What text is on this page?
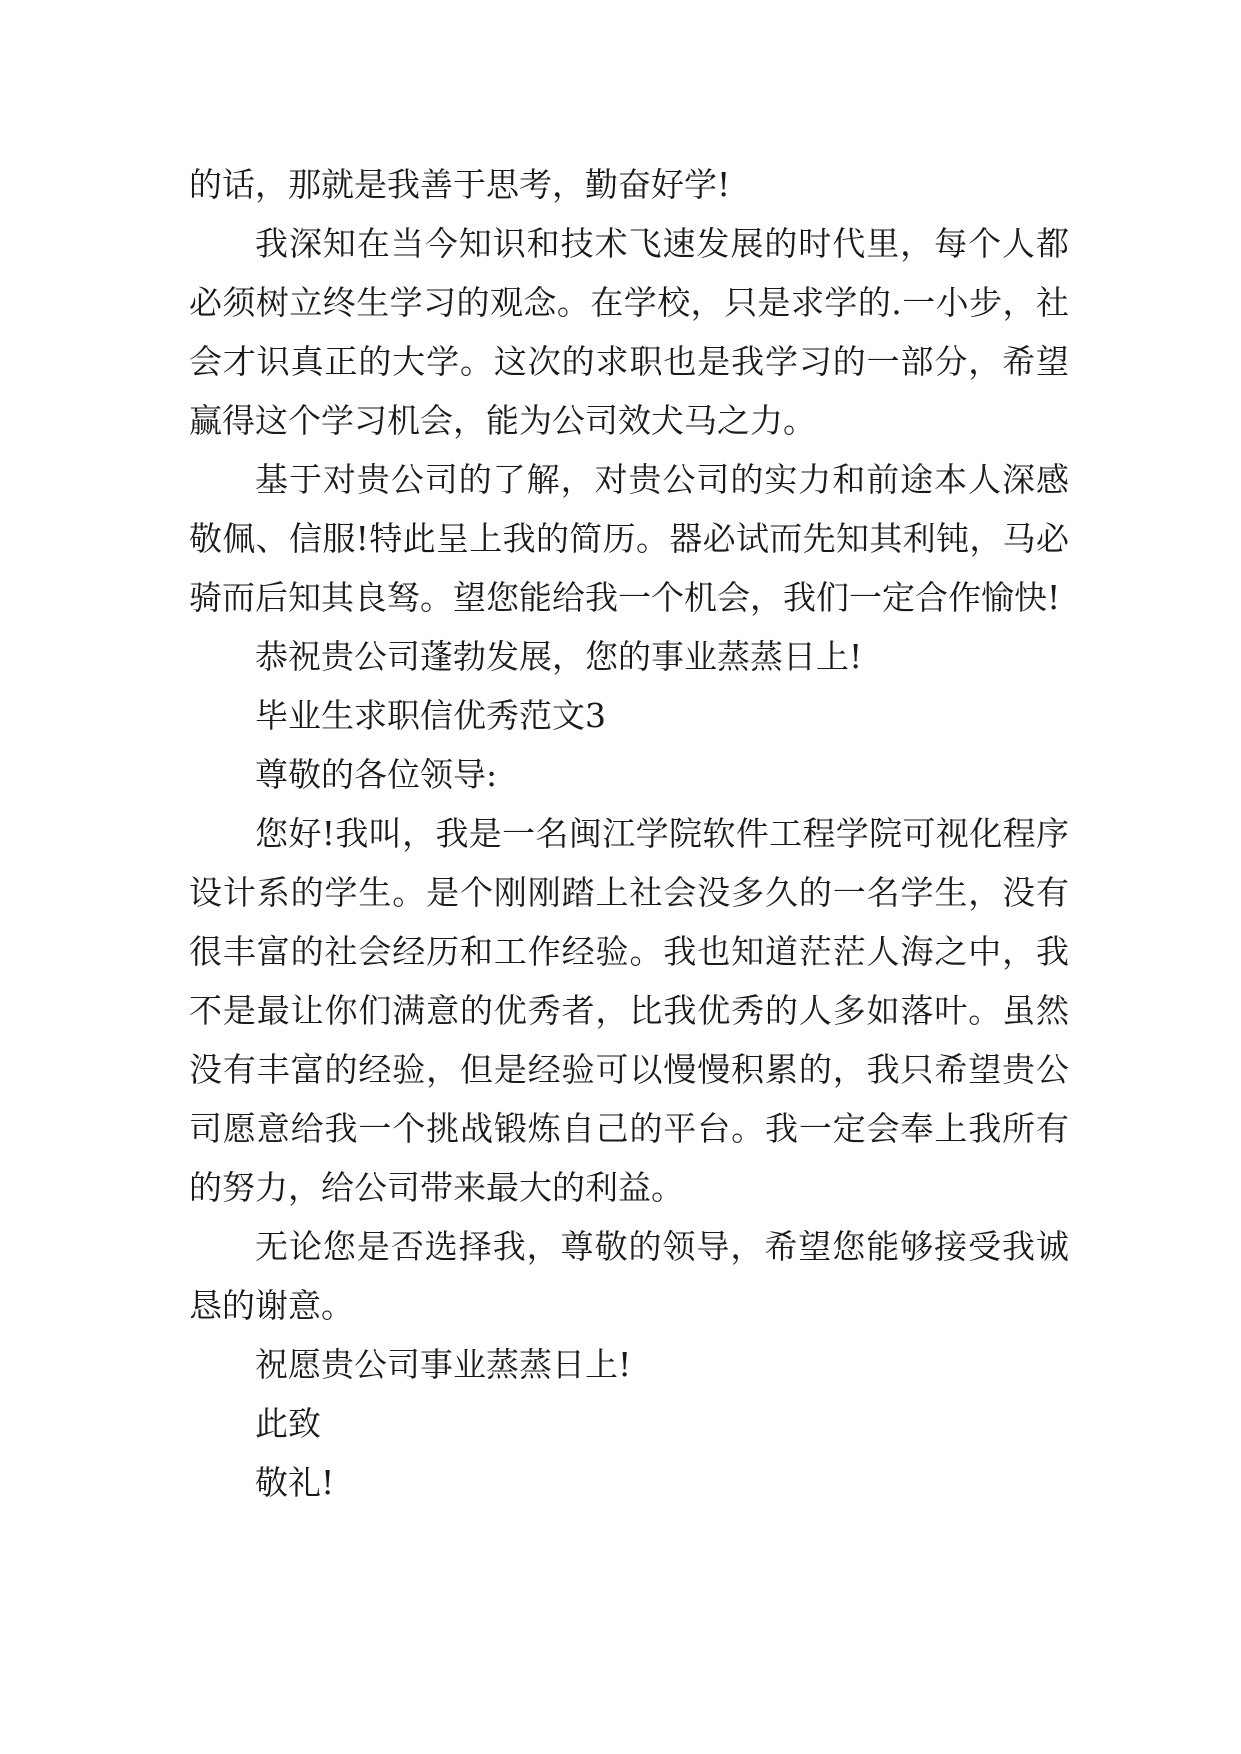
的话，那就是我善于思考，勤奋好学!

我深知在当今知识和技术飞速发展的时代里，每个人都必须树立终生学习的观念。在学校，只是求学的.一小步，社会才识真正的大学。这次的求职也是我学习的一部分，希望赢得这个学习机会，能为公司效犬马之力。

基于对贵公司的了解，对贵公司的实力和前途本人深感敬佩、信服!特此呈上我的简历。器必试而先知其利钝，马必骑而后知其良驽。望您能给我一个机会，我们一定合作愉快!

恭祝贵公司蓬勃发展，您的事业蒸蒸日上!

毕业生求职信优秀范文3

尊敬的各位领导:

您好!我叫，我是一名闽江学院软件工程学院可视化程序设计系的学生。是个刚刚踏上社会没多久的一名学生，没有很丰富的社会经历和工作经验。我也知道茫茫人海之中，我不是最让你们满意的优秀者，比我优秀的人多如落叶。虽然没有丰富的经验，但是经验可以慢慢积累的，我只希望贵公司愿意给我一个挑战锻炼自己的平台。我一定会奉上我所有的努力，给公司带来最大的利益。

无论您是否选择我，尊敬的领导，希望您能够接受我诚恳的谢意。

祝愿贵公司事业蒸蒸日上!

此致

敬礼!
